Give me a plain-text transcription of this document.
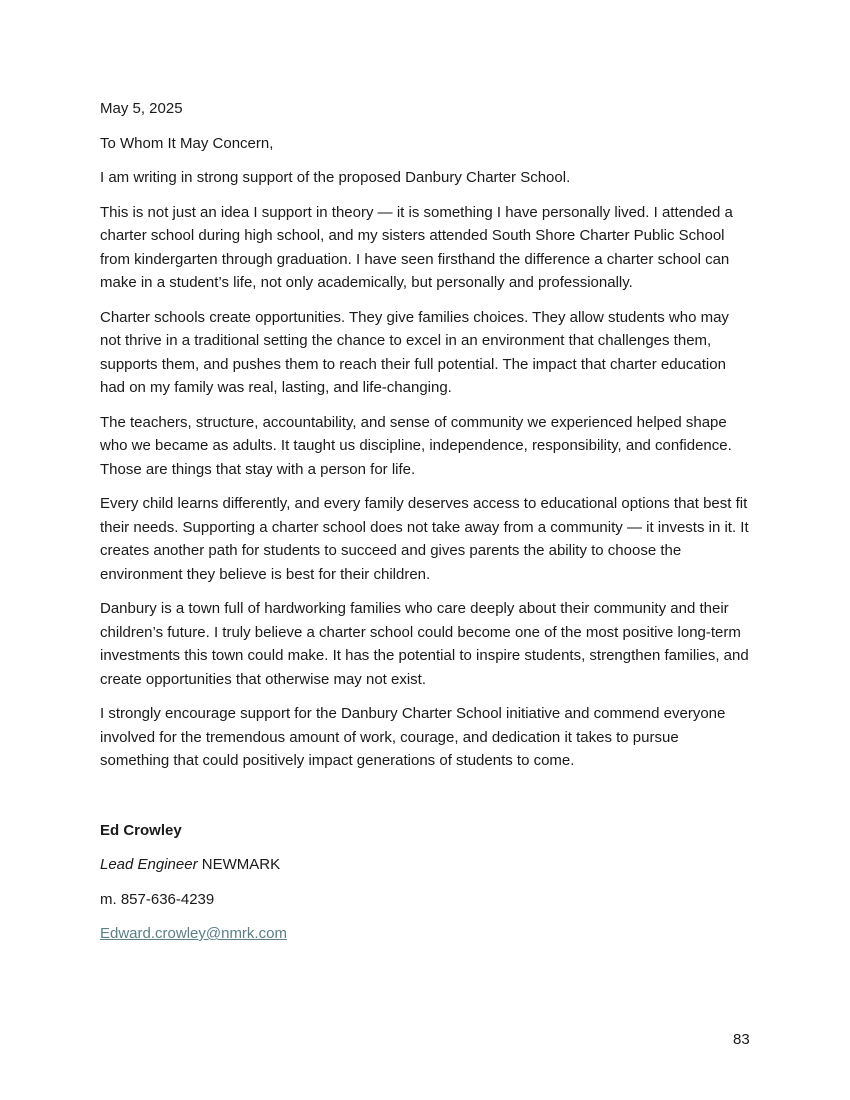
May 5, 2025

To Whom It May Concern,

I am writing in strong support of the proposed Danbury Charter School.

This is not just an idea I support in theory — it is something I have personally lived. I attended a charter school during high school, and my sisters attended South Shore Charter Public School from kindergarten through graduation. I have seen firsthand the difference a charter school can make in a student’s life, not only academically, but personally and professionally.

Charter schools create opportunities. They give families choices. They allow students who may not thrive in a traditional setting the chance to excel in an environment that challenges them, supports them, and pushes them to reach their full potential. The impact that charter education had on my family was real, lasting, and life-changing.

The teachers, structure, accountability, and sense of community we experienced helped shape who we became as adults. It taught us discipline, independence, responsibility, and confidence. Those are things that stay with a person for life.

Every child learns differently, and every family deserves access to educational options that best fit their needs. Supporting a charter school does not take away from a community — it invests in it. It creates another path for students to succeed and gives parents the ability to choose the environment they believe is best for their children.

Danbury is a town full of hardworking families who care deeply about their community and their children’s future. I truly believe a charter school could become one of the most positive long-term investments this town could make. It has the potential to inspire students, strengthen families, and create opportunities that otherwise may not exist.

I strongly encourage support for the Danbury Charter School initiative and commend everyone involved for the tremendous amount of work, courage, and dedication it takes to pursue something that could positively impact generations of students to come.

Ed Crowley

Lead Engineer NEWMARK

m. 857-636-4239

Edward.crowley@nmrk.com

83
